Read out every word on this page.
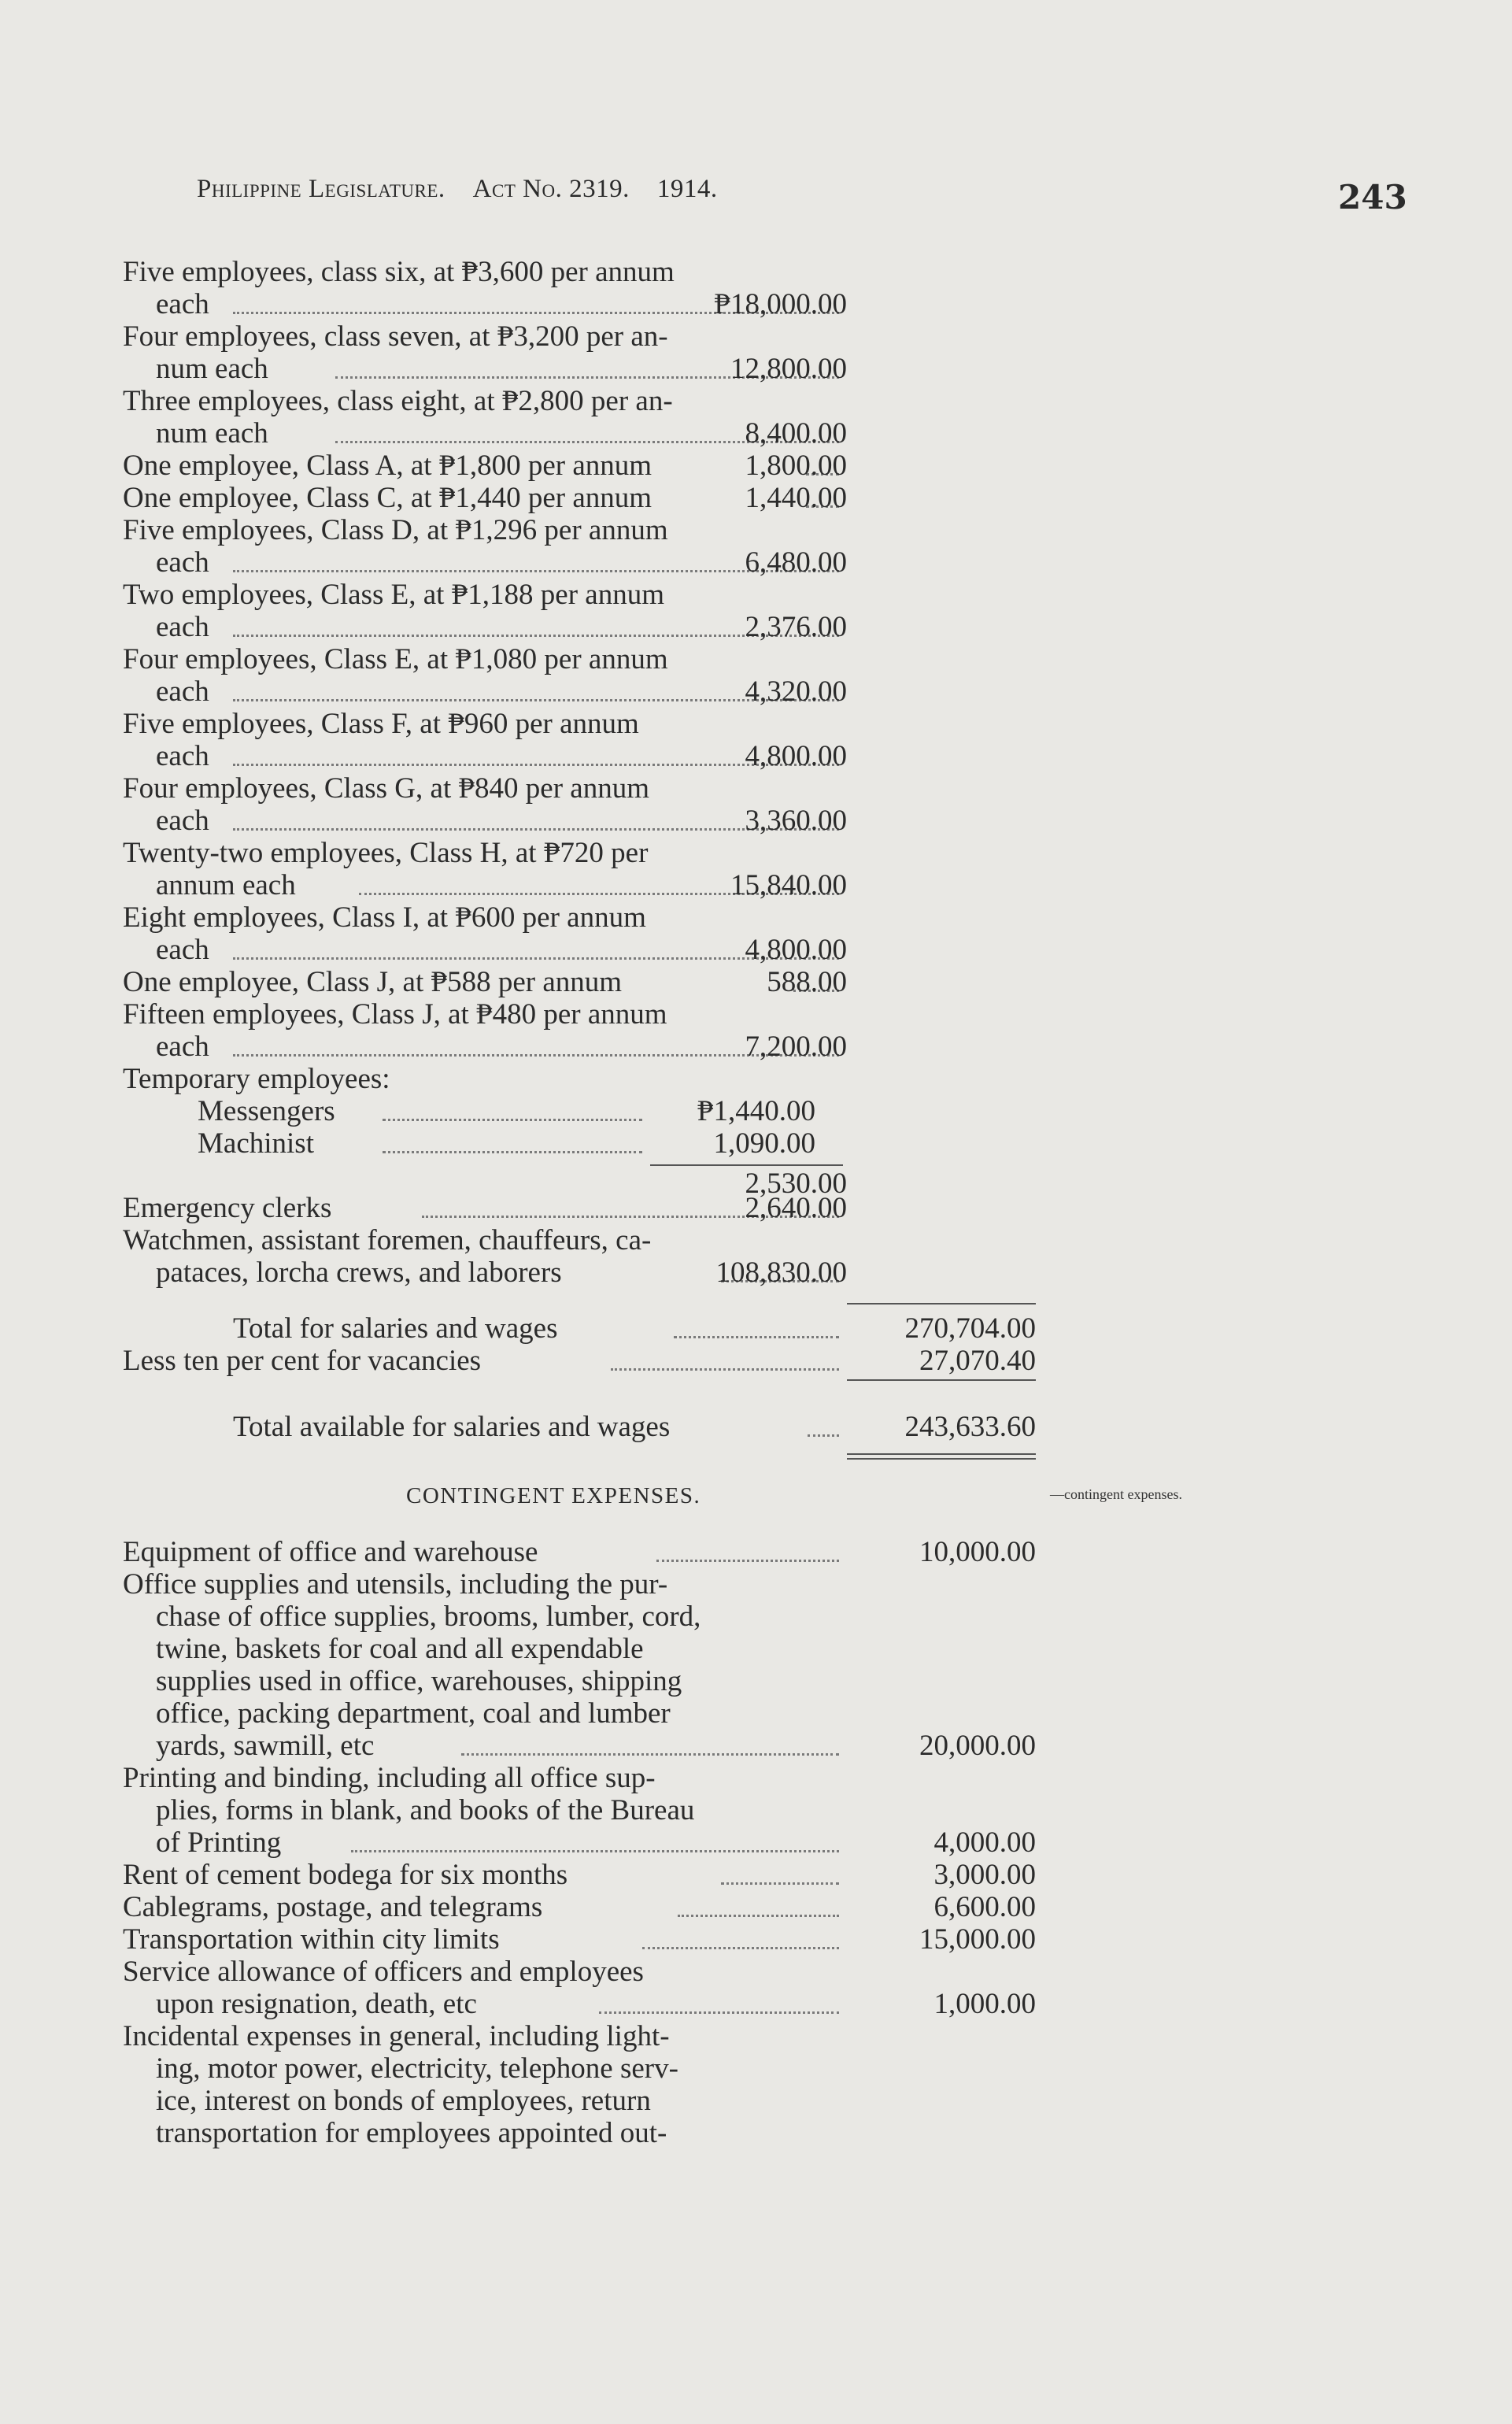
Philippine Legislature. Act No. 2319. 1914.	243
Five employees, class six, at ₱3,600 per annum
each	₱18,000.00
Four employees, class seven, at ₱3,200 per an-
num each	12,800.00
Three employees, class eight, at ₱2,800 per an-
num each	8,400.00
One employee, Class A, at ₱1,800 per annum	1,800.00
One employee, Class C, at ₱1,440 per annum	1,440.00
Five employees, Class D, at ₱1,296 per annum
each	6,480.00
Two employees, Class E, at ₱1,188 per annum
each	2,376.00
Four employees, Class E, at ₱1,080 per annum
each	4,320.00
Five employees, Class F, at ₱960 per annum
each	4,800.00
Four employees, Class G, at ₱840 per annum
each	3,360.00
Twenty-two employees, Class H, at ₱720 per
annum each	15,840.00
Eight employees, Class I, at ₱600 per annum
each	4,800.00
One employee, Class J, at ₱588 per annum	588.00
Fifteen employees, Class J, at ₱480 per annum
each	7,200.00
Temporary employees:
Messengers	₱1,440.00
Machinist	1,090.00
2,530.00
Emergency clerks	2,640.00
Watchmen, assistant foremen, chauffeurs, ca-
pataces, lorcha crews, and laborers	108,830.00
Total for salaries and wages	270,704.00
Less ten per cent for vacancies	27,070.40
Total available for salaries and wages	243,633.60
CONTINGENT EXPENSES.	—contingent expenses.
Equipment of office and warehouse	10,000.00
Office supplies and utensils, including the pur-
chase of office supplies, brooms, lumber, cord,
twine, baskets for coal and all expendable
supplies used in office, warehouses, shipping
office, packing department, coal and lumber
yards, sawmill, etc	20,000.00
Printing and binding, including all office sup-
plies, forms in blank, and books of the Bureau
of Printing	4,000.00
Rent of cement bodega for six months	3,000.00
Cablegrams, postage, and telegrams	6,600.00
Transportation within city limits	15,000.00
Service allowance of officers and employees
upon resignation, death, etc	1,000.00
Incidental expenses in general, including light-
ing, motor power, electricity, telephone serv-
ice, interest on bonds of employees, return
transportation for employees appointed out-
